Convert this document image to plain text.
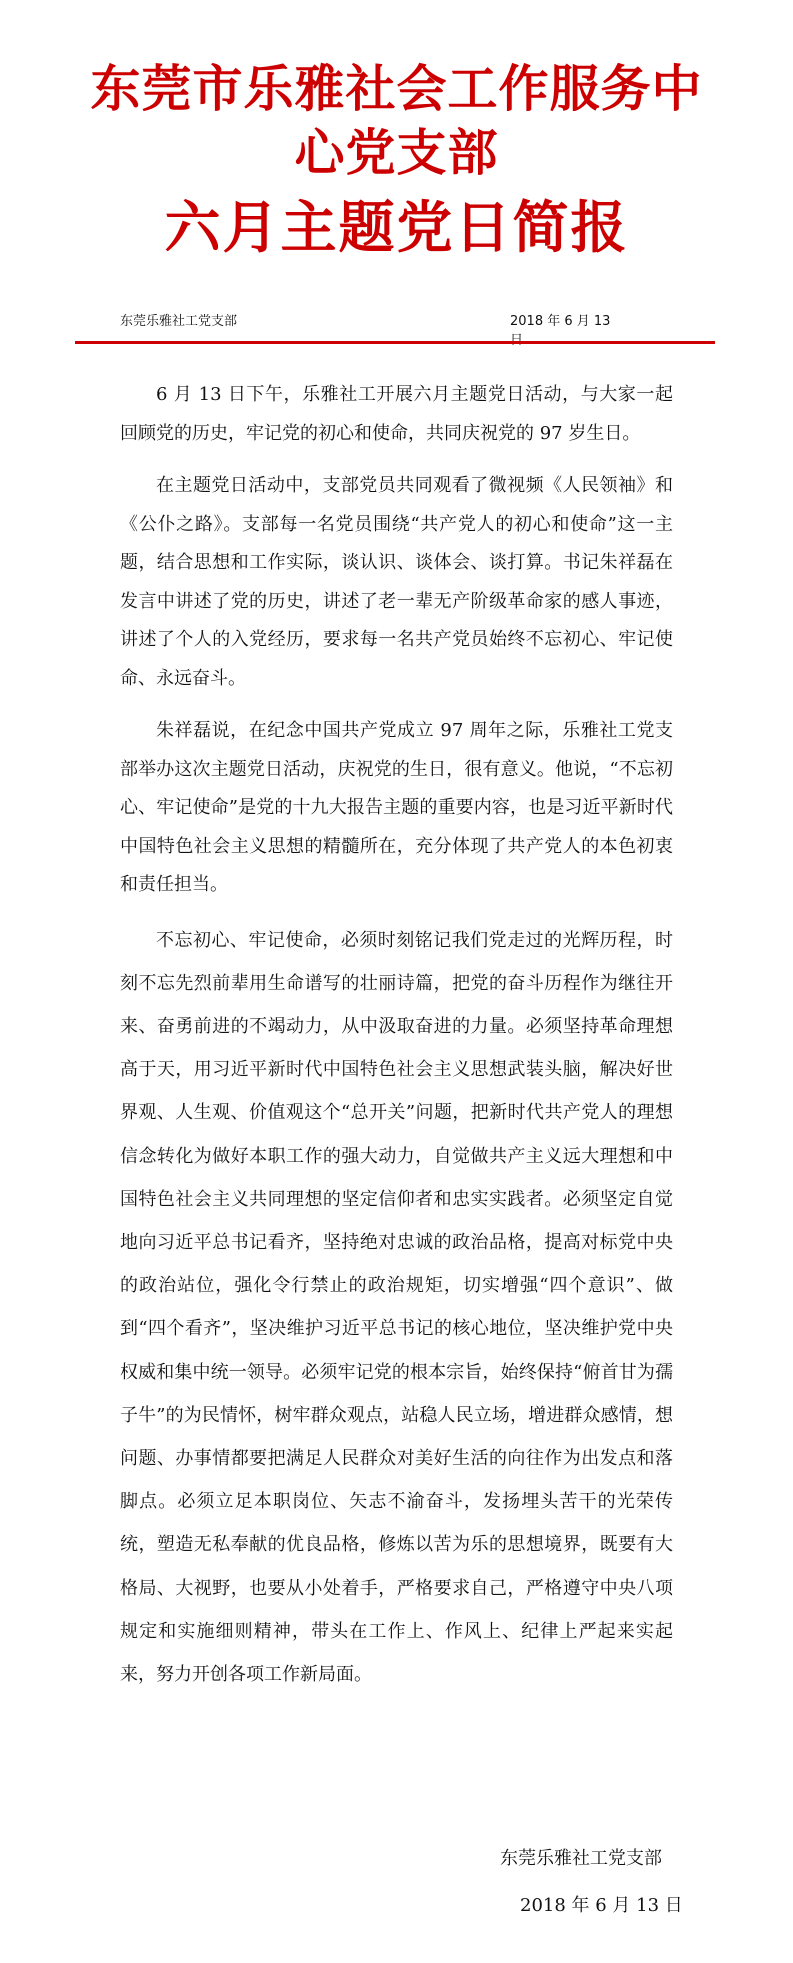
东莞市乐雅社会工作服务中
心党支部
六月主题党日简报
东莞乐雅社工党支部	2018 年 6 月 13 日

6 月 13 日下午，乐雅社工开展六月主题党日活动，与大家一起回顾党的历史，牢记党的初心和使命，共同庆祝党的 97 岁生日。

在主题党日活动中，支部党员共同观看了微视频《人民领袖》和《公仆之路》。支部每一名党员围绕“共产党人的初心和使命”这一主题，结合思想和工作实际，谈认识、谈体会、谈打算。书记朱祥磊在发言中讲述了党的历史，讲述了老一辈无产阶级革命家的感人事迹，讲述了个人的入党经历，要求每一名共产党员始终不忘初心、牢记使命、永远奋斗。

朱祥磊说，在纪念中国共产党成立 97 周年之际，乐雅社工党支部举办这次主题党日活动，庆祝党的生日，很有意义。他说，“不忘初心、牢记使命”是党的十九大报告主题的重要内容，也是习近平新时代中国特色社会主义思想的精髓所在，充分体现了共产党人的本色初衷和责任担当。

不忘初心、牢记使命，必须时刻铭记我们党走过的光辉历程，时刻不忘先烈前辈用生命谱写的壮丽诗篇，把党的奋斗历程作为继往开来、奋勇前进的不竭动力，从中汲取奋进的力量。必须坚持革命理想高于天，用习近平新时代中国特色社会主义思想武装头脑，解决好世界观、人生观、价值观这个“总开关”问题，把新时代共产党人的理想信念转化为做好本职工作的强大动力，自觉做共产主义远大理想和中国特色社会主义共同理想的坚定信仰者和忠实实践者。必须坚定自觉地向习近平总书记看齐，坚持绝对忠诚的政治品格，提高对标党中央的政治站位，强化令行禁止的政治规矩，切实增强“四个意识”、做到“四个看齐”，坚决维护习近平总书记的核心地位，坚决维护党中央权威和集中统一领导。必须牢记党的根本宗旨，始终保持“俯首甘为孺子牛”的为民情怀，树牢群众观点，站稳人民立场，增进群众感情，想问题、办事情都要把满足人民群众对美好生活的向往作为出发点和落脚点。必须立足本职岗位、矢志不渝奋斗，发扬埋头苦干的光荣传统，塑造无私奉献的优良品格，修炼以苦为乐的思想境界，既要有大格局、大视野，也要从小处着手，严格要求自己，严格遵守中央八项规定和实施细则精神，带头在工作上、作风上、纪律上严起来实起来，努力开创各项工作新局面。

东莞乐雅社工党支部
2018 年 6 月 13 日
